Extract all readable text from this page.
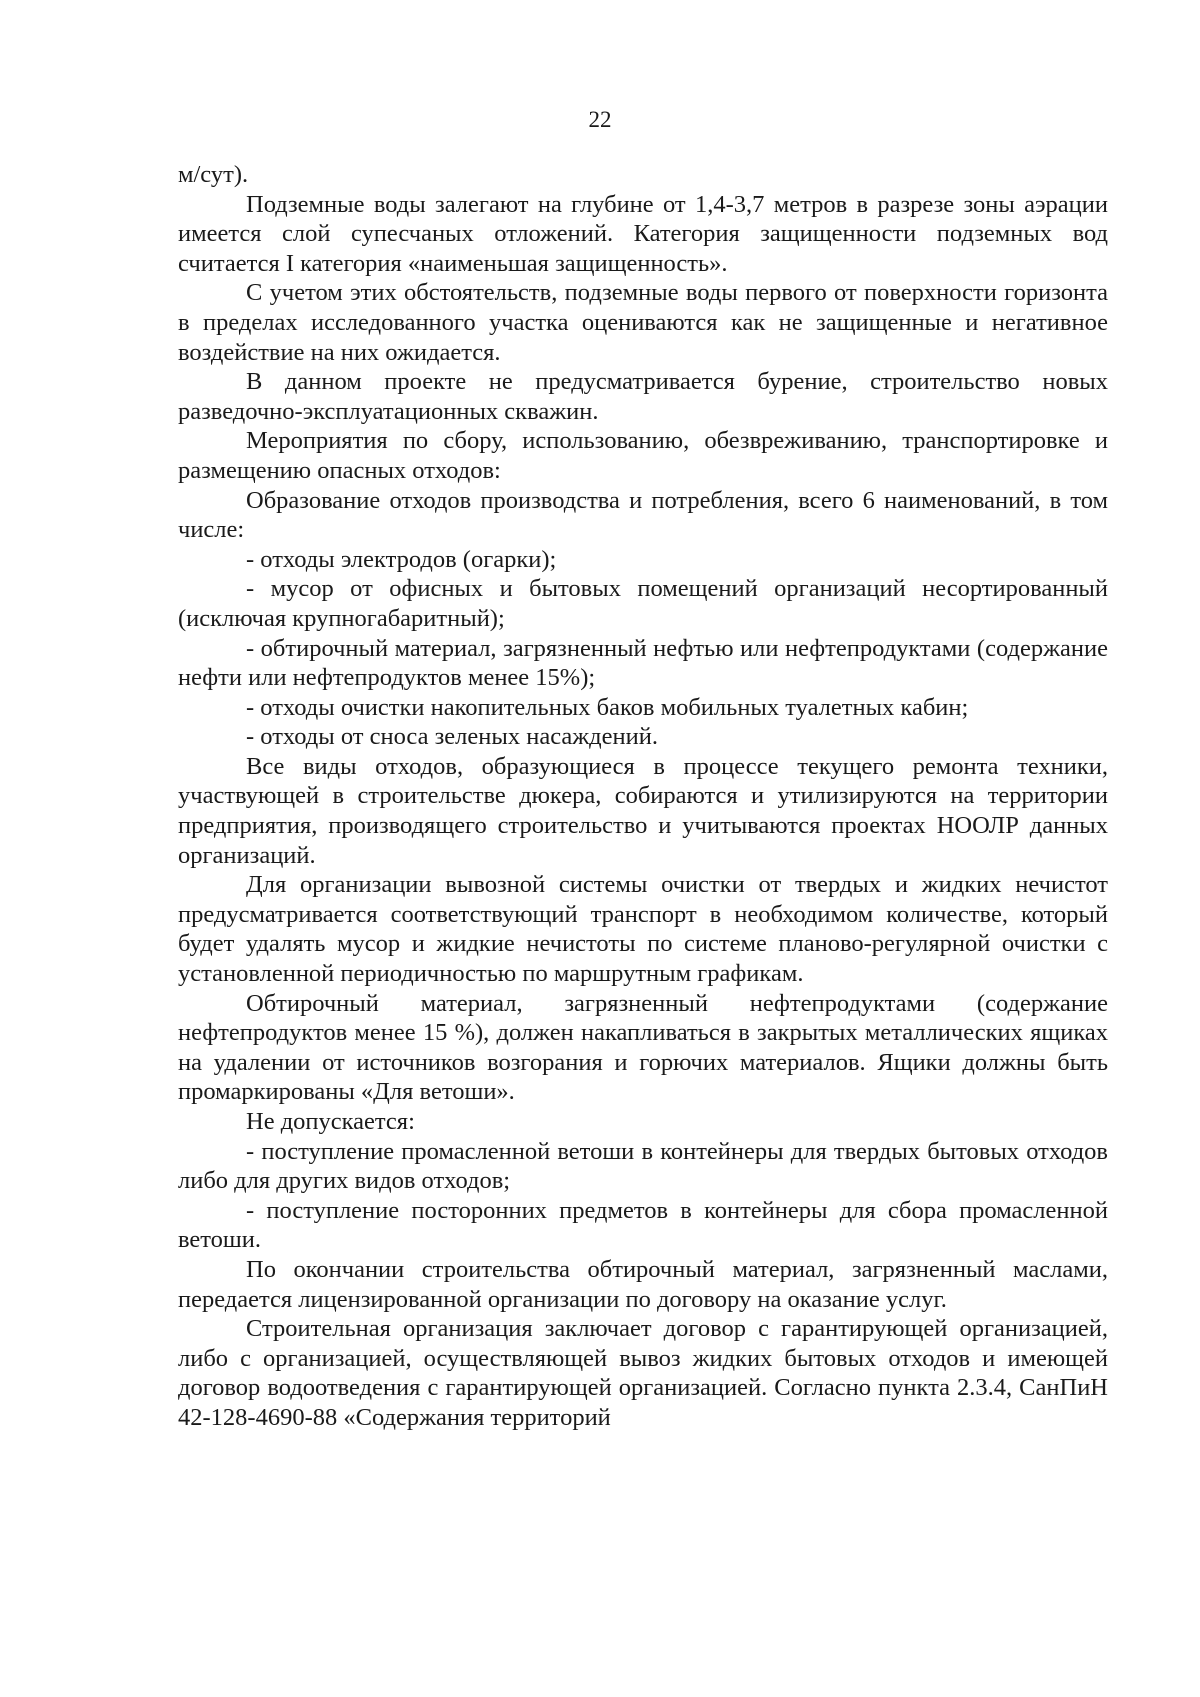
22

м/сут).

Подземные воды залегают на глубине от 1,4-3,7 метров в разрезе зоны аэрации имеется слой супесчаных отложений. Категория защищенности подземных вод считается I категория «наименьшая защищенность».

С учетом этих обстоятельств, подземные воды первого от поверхности горизонта в пределах исследованного участка оцениваются как не защищенные и негативное воздействие на них ожидается.

В данном проекте не предусматривается бурение, строительство новых разведочно-эксплуатационных скважин.

Мероприятия по сбору, использованию, обезвреживанию, транспортировке и размещению опасных отходов:

Образование отходов производства и потребления, всего 6 наименований, в том числе:

- отходы электродов (огарки);

- мусор от офисных и бытовых помещений организаций несортированный (исключая крупногабаритный);

- обтирочный материал, загрязненный нефтью или нефтепродуктами (содержание нефти или нефтепродуктов менее 15%);

- отходы очистки накопительных баков мобильных туалетных кабин;

- отходы от сноса зеленых насаждений.

Все виды отходов, образующиеся в процессе текущего ремонта техники, участвующей в строительстве дюкера, собираются и утилизируются на территории предприятия, производящего строительство и учитываются проектах НООЛР данных организаций.

Для организации вывозной системы очистки от твердых и жидких нечистот предусматривается соответствующий транспорт в необходимом количестве, который будет удалять мусор и жидкие нечистоты по системе планово-регулярной очистки с установленной периодичностью по маршрутным графикам.

Обтирочный материал, загрязненный нефтепродуктами (содержание нефтепродуктов менее 15 %), должен накапливаться в закрытых металлических ящиках на удалении от источников возгорания и горючих материалов. Ящики должны быть промаркированы «Для ветоши».

Не допускается:

- поступление промасленной ветоши в контейнеры для твердых бытовых отходов либо для других видов отходов;

- поступление посторонних предметов в контейнеры для сбора промасленной ветоши.

По окончании строительства обтирочный материал, загрязненный маслами, передается лицензированной организации по договору на оказание услуг.

Строительная организация заключает договор с гарантирующей организацией, либо с организацией, осуществляющей вывоз жидких бытовых отходов и имеющей договор водоотведения с гарантирующей организацией. Согласно пункта 2.3.4, СанПиН 42-128-4690-88 «Содержания территорий
